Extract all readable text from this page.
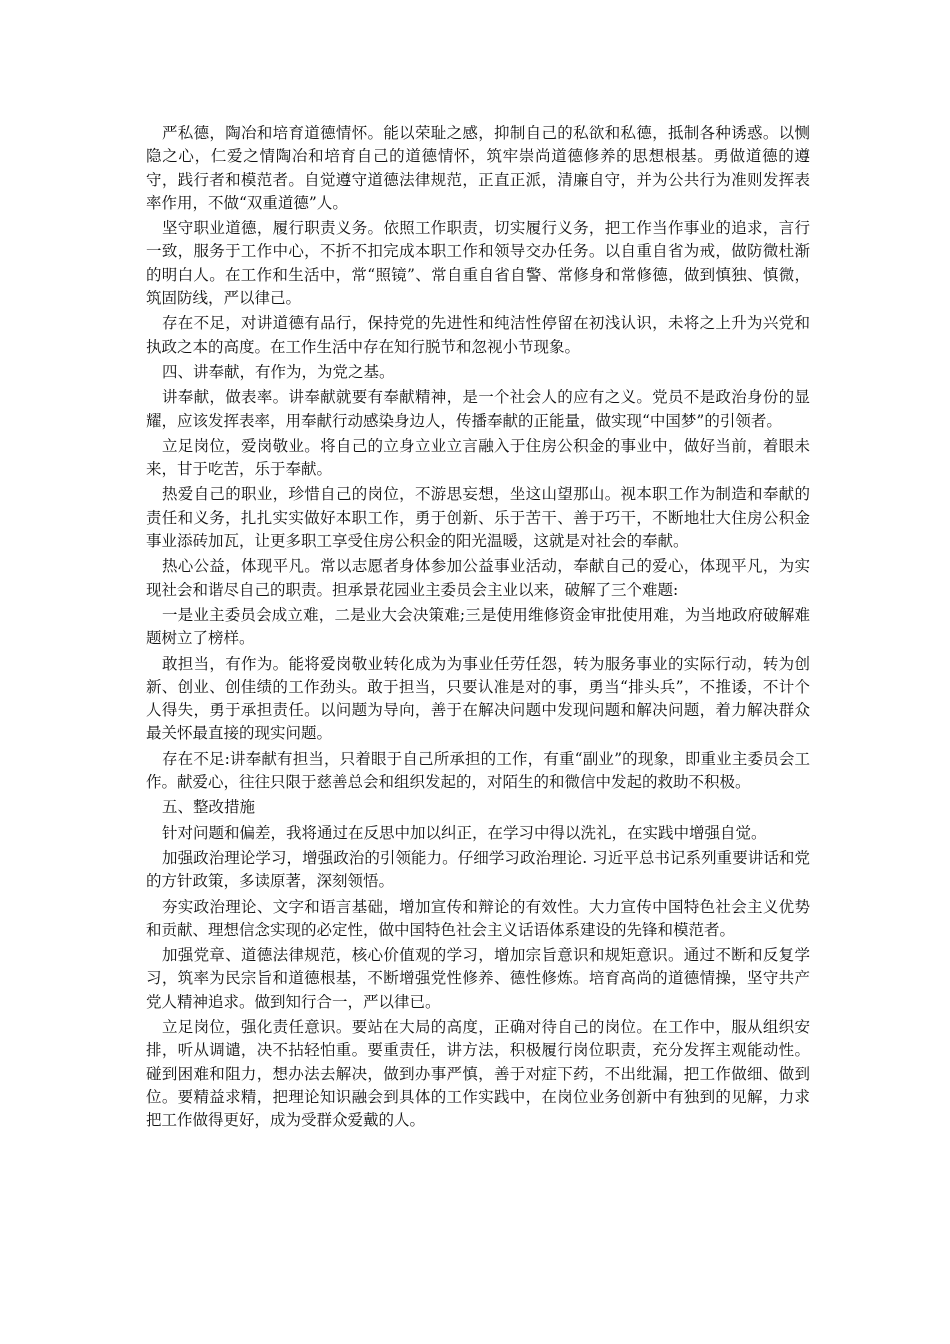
严私德，陶冶和培育道德情怀。能以荣耻之感，抑制自己的私欲和私德，抵制各种诱惑。以恻隐之心，仁爱之情陶冶和培育自己的道德情怀，筑牢崇尚道德修养的思想根基。勇做道德的遵守，践行者和模范者。自觉遵守道德法律规范，正直正派，清廉自守，并为公共行为准则发挥表率作用，不做“双重道德”人。

坚守职业道德，履行职责义务。依照工作职责，切实履行义务，把工作当作事业的追求，言行一致，服务于工作中心，不折不扣完成本职工作和领导交办任务。以自重自省为戒，做防微杜渐的明白人。在工作和生活中，常“照镜”、常自重自省自警、常修身和常修德，做到慎独、慎微，筑固防线，严以律己。

存在不足，对讲道德有品行，保持党的先进性和纯洁性停留在初浅认识，未将之上升为兴党和执政之本的高度。在工作生活中存在知行脱节和忽视小节现象。

四、讲奉献，有作为，为党之基。

讲奉献，做表率。讲奉献就要有奉献精神，是一个社会人的应有之义。党员不是政治身份的显耀，应该发挥表率，用奉献行动感染身边人，传播奉献的正能量，做实现“中国梦”的引领者。

立足岗位，爱岗敬业。将自己的立身立业立言融入于住房公积金的事业中，做好当前，着眼未来，甘于吃苦，乐于奉献。

热爱自己的职业，珍惜自己的岗位，不游思妄想，坐这山望那山。视本职工作为制造和奉献的责任和义务，扎扎实实做好本职工作，勇于创新、乐于苦干、善于巧干，不断地壮大住房公积金事业添砖加瓦，让更多职工享受住房公积金的阳光温暖，这就是对社会的奉献。

热心公益，体现平凡。常以志愿者身体参加公益事业活动，奉献自己的爱心，体现平凡，为实现社会和谐尽自己的职责。担承景花园业主委员会主业以来，破解了三个难题:

一是业主委员会成立难，二是业大会决策难;三是使用维修资金审批使用难，为当地政府破解难题树立了榜样。

敢担当，有作为。能将爱岗敬业转化成为为事业任劳任怨，转为服务事业的实际行动，转为创新、创业、创佳绩的工作劲头。敢于担当，只要认准是对的事，勇当“排头兵”，不推诿，不计个人得失，勇于承担责任。以问题为导向，善于在解决问题中发现问题和解决问题，着力解决群众最关怀最直接的现实问题。

存在不足:讲奉献有担当，只着眼于自己所承担的工作，有重“副业”的现象，即重业主委员会工作。献爱心，往往只限于慈善总会和组织发起的，对陌生的和微信中发起的救助不积极。

五、整改措施

针对问题和偏差，我将通过在反思中加以纠正，在学习中得以洗礼，在实践中增强自觉。

加强政治理论学习，增强政治的引领能力。仔细学习政治理论. 习近平总书记系列重要讲话和党的方针政策，多读原著，深刻领悟。

夯实政治理论、文字和语言基础，增加宣传和辩论的有效性。大力宣传中国特色社会主义优势和贡献、理想信念实现的必定性，做中国特色社会主义话语体系建设的先锋和模范者。

加强党章、道德法律规范，核心价值观的学习，增加宗旨意识和规矩意识。通过不断和反复学习，筑率为民宗旨和道德根基，不断增强党性修养、德性修炼。培育高尚的道德情操，坚守共产党人精神追求。做到知行合一，严以律已。

立足岗位，强化责任意识。要站在大局的高度，正确对待自己的岗位。在工作中，服从组织安排，听从调谴，决不拈轻怕重。要重责任，讲方法，积极履行岗位职责，充分发挥主观能动性。碰到困难和阻力，想办法去解决，做到办事严慎，善于对症下药，不出纰漏，把工作做细、做到位。要精益求精，把理论知识融会到具体的工作实践中，在岗位业务创新中有独到的见解，力求把工作做得更好，成为受群众爱戴的人。
